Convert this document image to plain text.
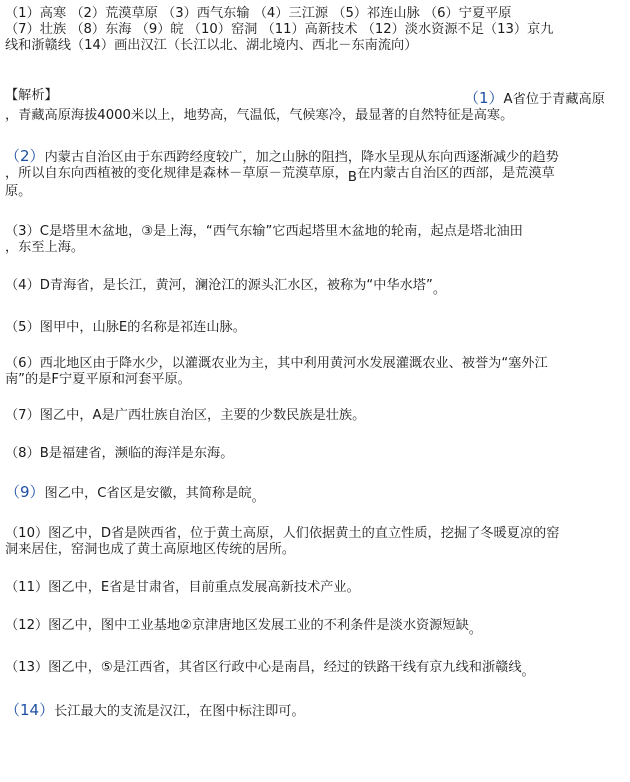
（1）高寒 （2）荒漠草原 （3）西气东输 （4）三江源 （5）祁连山脉 （6）宁夏平原
（7）壮族 （8）东海 （9）皖 （10）窑洞 （11）高新技术 （12）淡水资源不足（13）京九
线和浙赣线（14）画出汉江（长江以北、湖北境内、西北－东南流向）
【解析】	（1）A省位于青藏高原
，青藏高原海拔4000米以上，地势高，气温低，气候寒冷，最显著的自然特征是高寒。
（2）内蒙古自治区由于东西跨经度较广，加之山脉的阻挡，降水呈现从东向西逐渐减少的趋势
，所以自东向西植被的变化规律是森林－草原－荒漠草原，B在内蒙古自治区的西部，是荒漠草
原。
（3）C是塔里木盆地，③是上海，“西气东输”它西起塔里木盆地的轮南，起点是塔北油田
，东至上海。
（4）D青海省，是长江，黄河，澜沧江的源头汇水区，被称为“中华水塔”。
（5）图甲中，山脉E的名称是祁连山脉。
（6）西北地区由于降水少，以灌溉农业为主，其中利用黄河水发展灌溉农业、被誉为“塞外江
南”的是F宁夏平原和河套平原。
（7）图乙中，A是广西壮族自治区，主要的少数民族是壮族。
（8）B是福建省，濒临的海洋是东海。
（9）图乙中，C省区是安徽，其简称是皖。
（10）图乙中，D省是陕西省，位于黄土高原，人们依据黄土的直立性质，挖掘了冬暖夏凉的窑
洞来居住，窑洞也成了黄土高原地区传统的居所。
（11）图乙中，E省是甘肃省，目前重点发展高新技术产业。
（12）图乙中，图中工业基地②京津唐地区发展工业的不利条件是淡水资源短缺。
（13）图乙中，⑤是江西省，其省区行政中心是南昌，经过的铁路干线有京九线和浙赣线。
（14）长江最大的支流是汉江，在图中标注即可。
